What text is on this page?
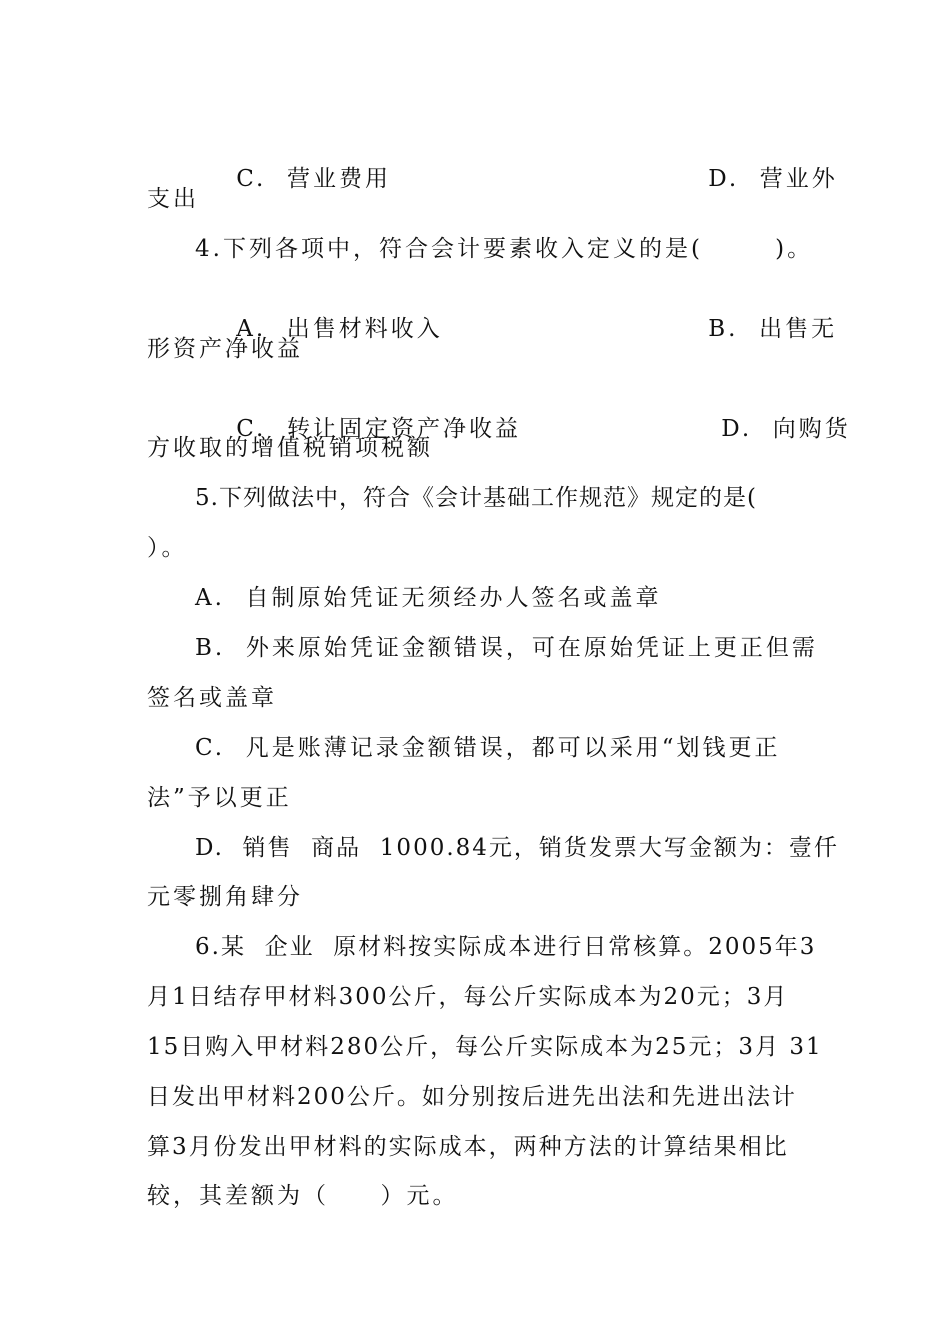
C.  营业费用
	D.  营业外

支出
4.下列各项中，符合会计要素收入定义的是(       )。

A.  出售材料收入
	B.  出售无

形资产净收益

C.  转让固定资产净收益
	D.  向购货

方收取的增值税销项税额
5.下列做法中，符合《会计基础工作规范》规定的是(
）。
A.  自制原始凭证无须经办人签名或盖章
B.  外来原始凭证金额错误，可在原始凭证上更正但需
签名或盖章
C.  凡是账薄记录金额错误，都可以采用“划钱更正
法”予以更正
D.  销售  商品  1000.84元，销货发票大写金额为：壹仟
元零捌角肆分
6.某  企业  原材料按实际成本进行日常核算。2005年3
月1日结存甲材料300公斤，每公斤实际成本为20元；3月
15日购入甲材料280公斤，每公斤实际成本为25元；3月 31
日发出甲材料200公斤。如分别按后进先出法和先进出法计
算3月份发出甲材料的实际成本，两种方法的计算结果相比
较，其差额为（     ）元。
